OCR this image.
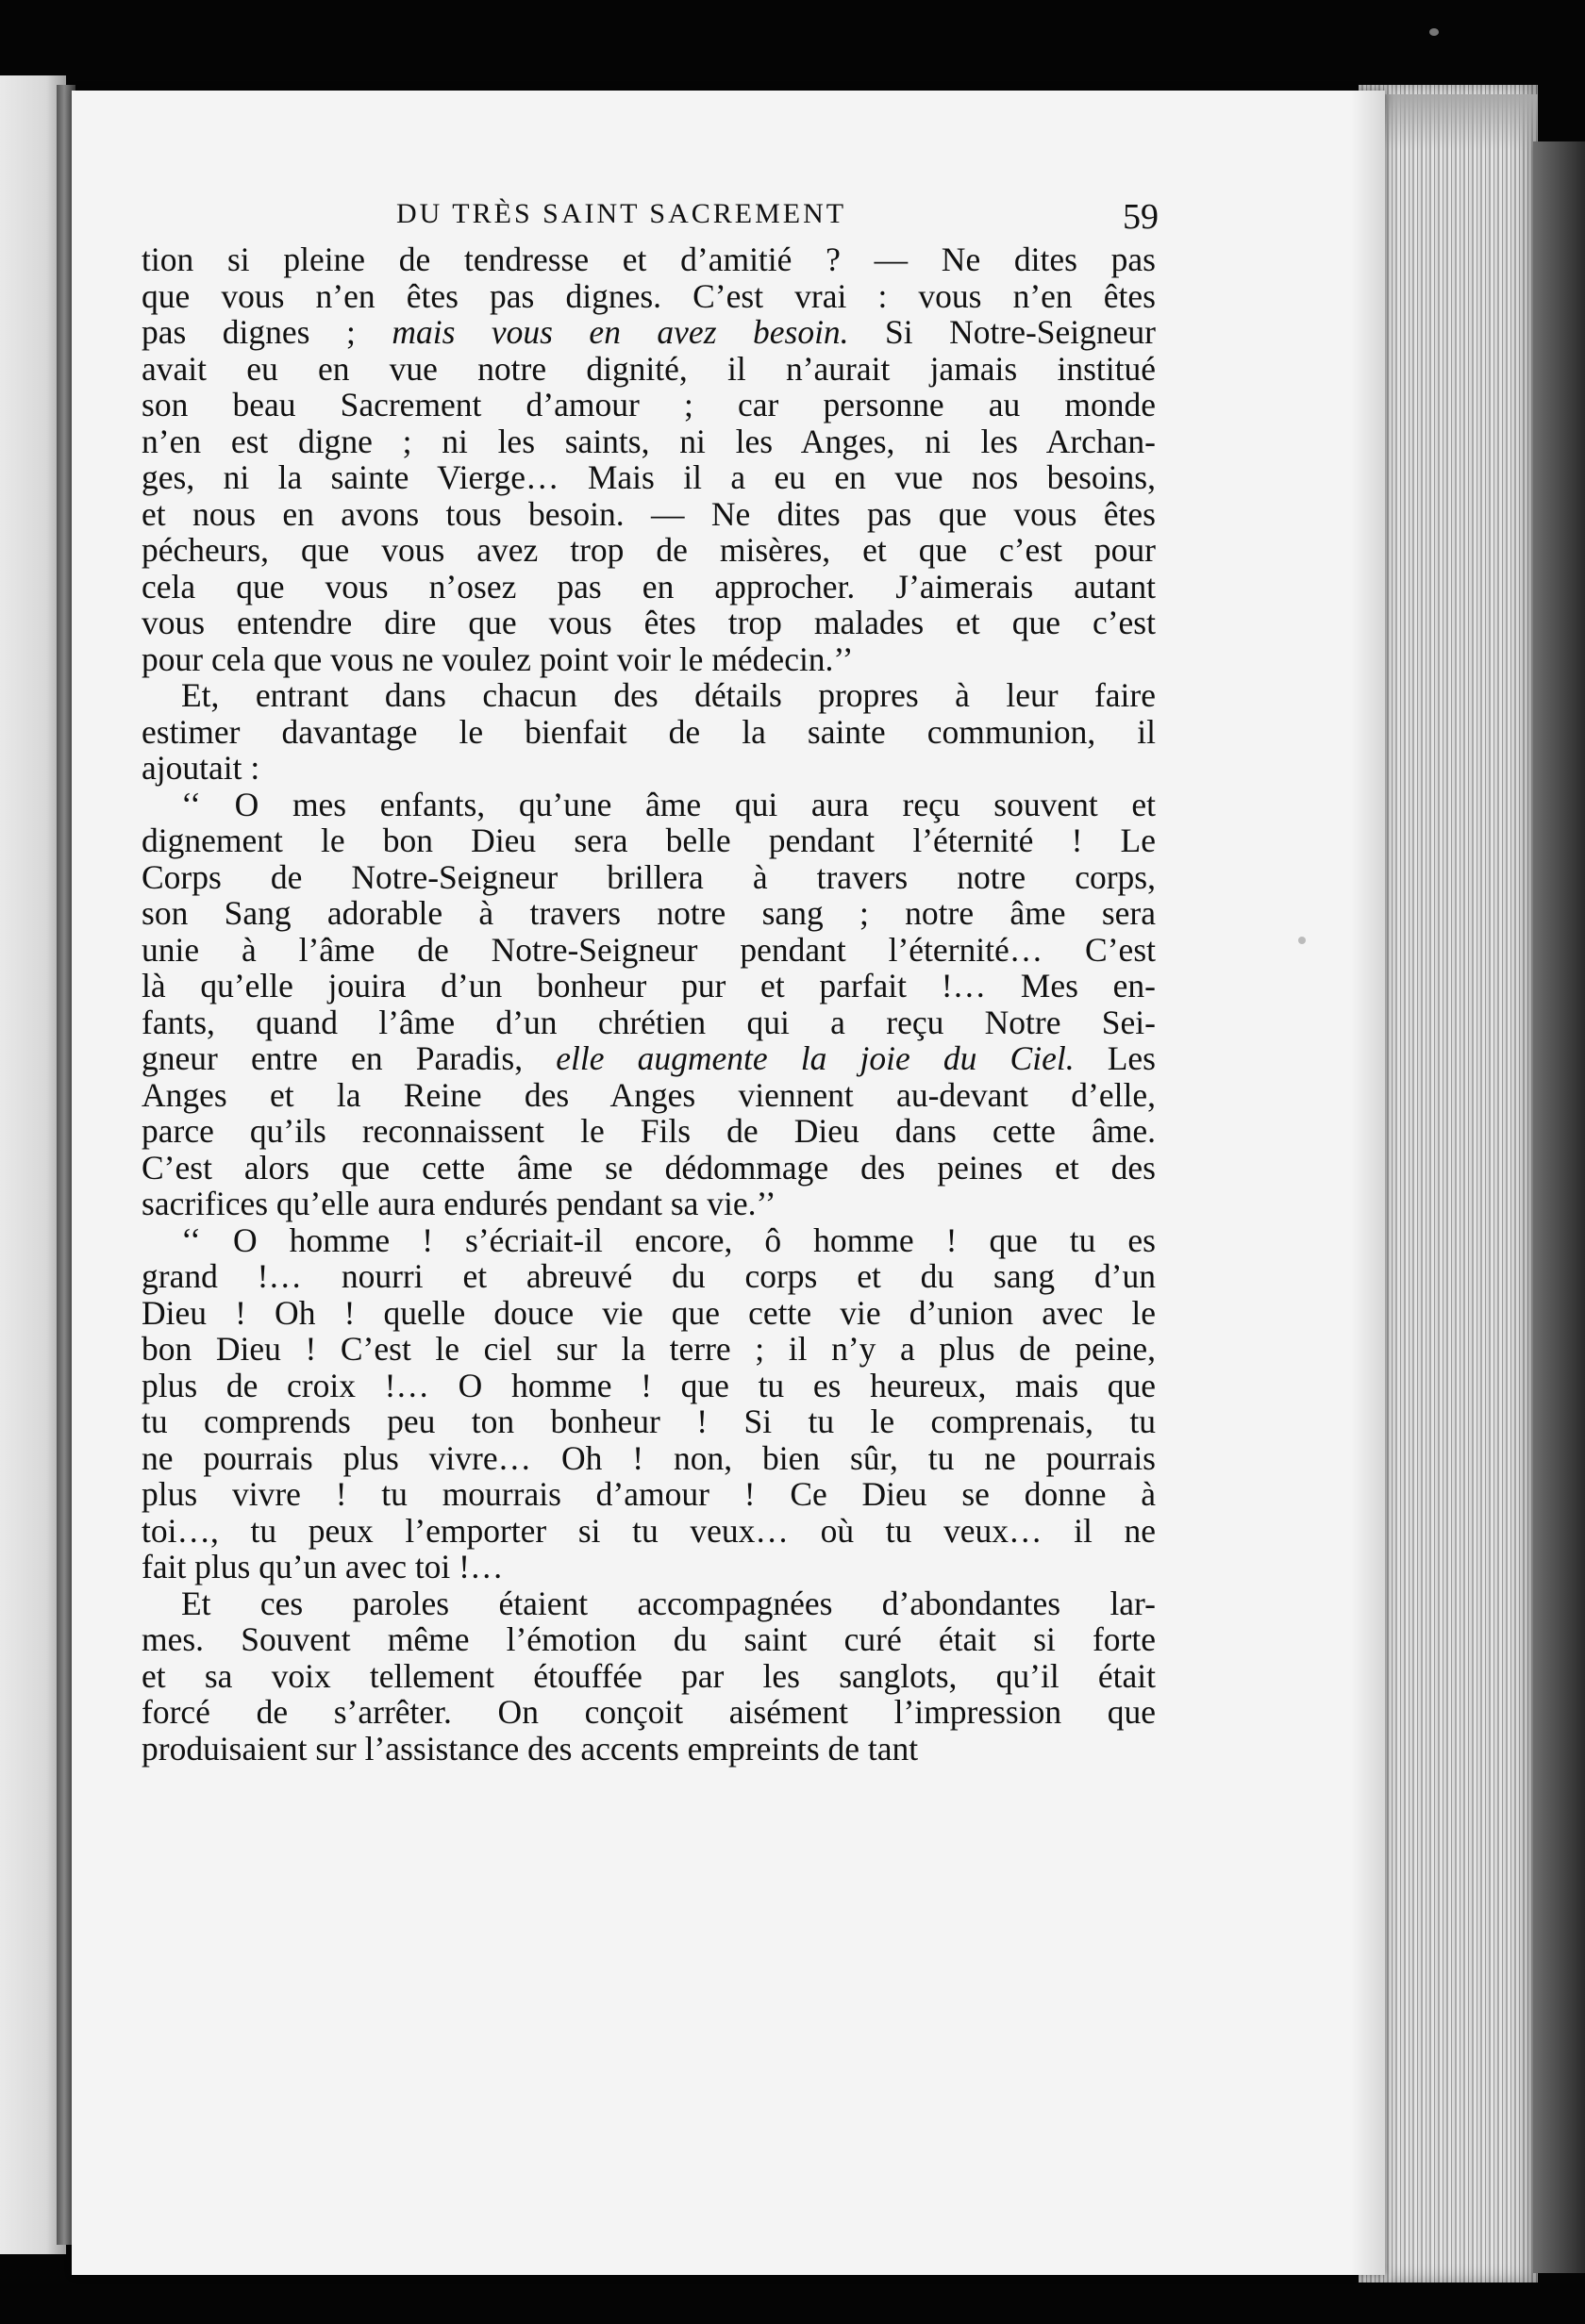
DU TRÈS SAINT SACREMENT	59
tion si pleine de tendresse et d’amitié ? — Ne dites pas
que vous n’en êtes pas dignes. C’est vrai : vous n’en êtes
pas dignes ; mais vous en avez besoin. Si Notre-Seigneur
avait eu en vue notre dignité, il n’aurait jamais institué
son beau Sacrement d’amour ; car personne au monde
n’en est digne ; ni les saints, ni les Anges, ni les Archan-
ges, ni la sainte Vierge… Mais il a eu en vue nos besoins,
et nous en avons tous besoin. — Ne dites pas que vous êtes
pécheurs, que vous avez trop de misères, et que c’est pour
cela que vous n’osez pas en approcher. J’aimerais autant
vous entendre dire que vous êtes trop malades et que c’est
pour cela que vous ne voulez point voir le médecin.’’
Et, entrant dans chacun des détails propres à leur faire
estimer davantage le bienfait de la sainte communion, il
ajoutait :
‘‘ O mes enfants, qu’une âme qui aura reçu souvent et
dignement le bon Dieu sera belle pendant l’éternité ! Le
Corps de Notre-Seigneur brillera à travers notre corps,
son Sang adorable à travers notre sang ; notre âme sera
unie à l’âme de Notre-Seigneur pendant l’éternité… C’est
là qu’elle jouira d’un bonheur pur et parfait !… Mes en-
fants, quand l’âme d’un chrétien qui a reçu Notre Sei-
gneur entre en Paradis, elle augmente la joie du Ciel. Les
Anges et la Reine des Anges viennent au-devant d’elle,
parce qu’ils reconnaissent le Fils de Dieu dans cette âme.
C’est alors que cette âme se dédommage des peines et des
sacrifices qu’elle aura endurés pendant sa vie.’’
‘‘ O homme ! s’écriait-il encore, ô homme ! que tu es
grand !… nourri et abreuvé du corps et du sang d’un
Dieu ! Oh ! quelle douce vie que cette vie d’union avec le
bon Dieu ! C’est le ciel sur la terre ; il n’y a plus de peine,
plus de croix !… O homme ! que tu es heureux, mais que
tu comprends peu ton bonheur ! Si tu le comprenais, tu
ne pourrais plus vivre… Oh ! non, bien sûr, tu ne pourrais
plus vivre ! tu mourrais d’amour ! Ce Dieu se donne à
toi…, tu peux l’emporter si tu veux… où tu veux… il ne
fait plus qu’un avec toi !…
Et ces paroles étaient accompagnées d’abondantes lar-
mes. Souvent même l’émotion du saint curé était si forte
et sa voix tellement étouffée par les sanglots, qu’il était
forcé de s’arrêter. On conçoit aisément l’impression que
produisaient sur l’assistance des accents empreints de tant
